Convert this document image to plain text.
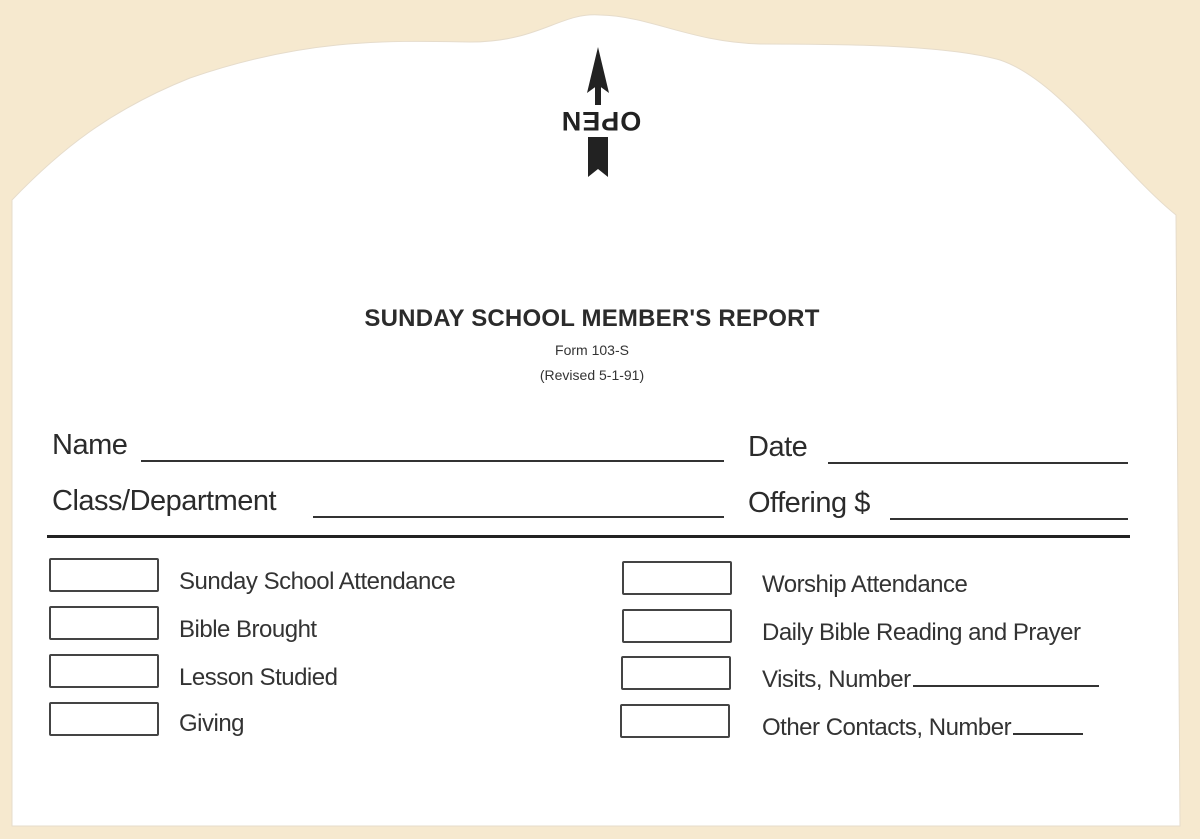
OPEN
SUNDAY SCHOOL MEMBER'S REPORT
Form 103-S
(Revised 5-1-91)
Name	Date
Class/Department	Offering $
Sunday School Attendance
Bible Brought
Lesson Studied
Giving
Worship Attendance
Daily Bible Reading and Prayer
Visits, Number
Other Contacts, Number
